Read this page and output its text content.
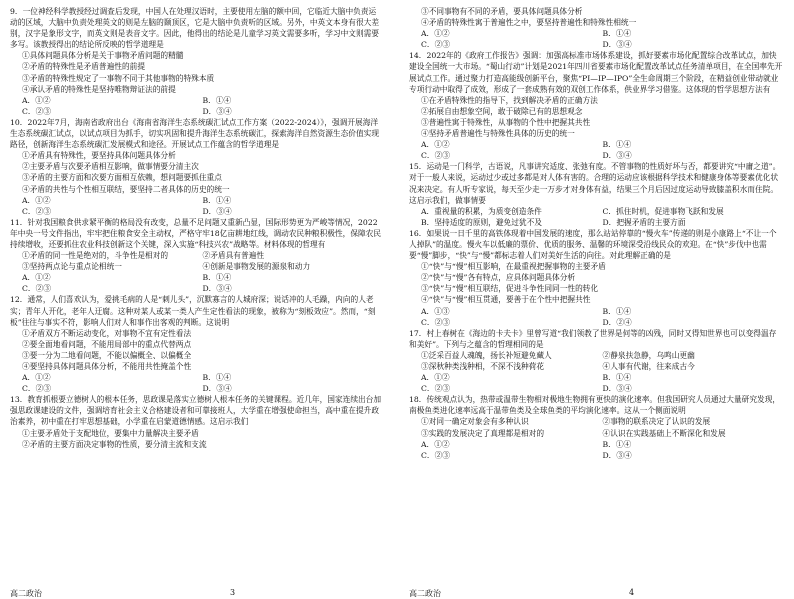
9．一位神经科学教授经过调查后发现，中国人在处理汉语时，主要使用左脑的额中回，它临近大脑中负责运动的区域，大脑中负责处理英文的则是左脑的颞顶区，它是大脑中负责听的区域。另外，中英文本身有很大差别，汉字是象形文字，而英文则是表音文字。因此，他得出的结论是儿童学习英文需要多听，学习中文则需要多写。该教授得出的结论所反映的哲学道理是

①具体问题具体分析是关于事物矛盾问题的精髓

②矛盾的特殊性是矛盾普遍性的前提

③矛盾的特殊性规定了一事物不同于其他事物的特殊本质

④承认矛盾的特殊性是坚持唯物辩证法的前提

A．①②	B．①④
C．②③	D．③④

10．2022年7月，海南省政府出台《海南省海洋生态系统碳汇试点工作方案（2022-2024）》，强调开展海洋生态系统碳汇试点，以试点项目为抓手，切实巩固和提升海洋生态系统碳汇，探索海洋自然资源生态价值实现路径，创新海洋生态系统碳汇发展模式和途径。开展试点工作蕴含的哲学道理是

①矛盾具有特殊性，要坚持具体问题具体分析

②主要矛盾与次要矛盾相互影响，做事情要分清主次

③矛盾的主要方面和次要方面相互依赖，想问题要抓住重点

④矛盾的共性与个性相互联结，要坚持二者具体的历史的统一

A．①②	B．①④
C．②③	D．③④

11．针对我国粮食供求紧平衡的格局没有改变，总量不足问题又重新凸显，国际形势更为严峻等情况，2022年中央一号文件指出，牢牢把住粮食安全主动权，严格守牢18亿亩耕地红线，调动农民种粮积极性，保障农民持续增收，还要抓住农业科技创新这个关键，深入实施“科技兴农”战略等。材料体现的哲理有

①矛盾的同一性是绝对的，斗争性是相对的	②矛盾具有普遍性
③坚持两点论与重点论相统一	④创新是事物发展的源泉和动力
A．①②	B．①④
C．②③	D．③④

12．通常，人们喜欢认为，爱挑毛病的人是“刺儿头”，沉默寡言的人城府深；说话冲的人毛躁，内向的人老实；青年人开化，老年人迂腐。这种对某人或某一类人产生定性看法的现象，被称为“刻板效应”。然而，“刻板”往往与事实不符，影响人们对人和事作出客观的判断。这说明

①矛盾双方不断运动变化，对事物不宜有定性看法

②要全面地看问题，不能用局部中的重点代替两点

③要一分为二地看问题，不能以偏概全、以偏概全

④要坚持具体问题具体分析，不能用共性掩盖个性

A．①②	B．①④
C．②③	D．③④

13．教育抓根要立德树人的根本任务，思政课是落实立德树人根本任务的关键课程。近几年，国家连续出台加强思政课建设的文件，强调培育社会主义合格建设者和可靠接班人，大学重在增强使命担当，高中重在提升政治素养，初中重在打牢思想基础，小学重在启蒙道德情感。这启示我们

①主要矛盾处于支配地位，要集中力量解决主要矛盾

②矛盾的主要方面决定事物的性质，要分清主流和支流

高二政治	3

③不同事物有不同的矛盾，要具体问题具体分析

④矛盾的特殊性寓于普遍性之中，要坚持普遍性和特殊性相统一

A．①②	B．①④
C．②③	D．③④

14．2022年的《政府工作报告》强调：加强高标准市场体系建设，抓好要素市场化配置综合改革试点，加快建设全国统一大市场。“蜀山行动”计划是2021年四川省要素市场化配置改革试点任务清单项目，在全国率先开展试点工作。通过聚力打造高能级创新平台，聚焦“PI—IP—IPO”全生命周期三个阶段，在精益创业带动就业专项行动中取得了成效，形成了一套成熟有效的双创工作体系，供业界学习借鉴。这体现的哲学思想方法有

①在矛盾特殊性的指导下，找到解决矛盾的正确方法

②拓展自由想象空间，敢于破除已有的思想观念

③普遍性寓于特殊性，从事物的个性中把握其共性

④坚持矛盾普遍性与特殊性具体的历史的统一

A．①②	B．①④
C．②③	D．③④

15．运动是一门科学，古语说，凡事讲究适度、张弛有度。不管事物的性质好坏与否，都要讲究“中庸之道”。对于一般人来说，运动过少或过多都是对人体有害的。合理的运动应该根据科学技术和健康身体等要素优化状况来决定。有人听专家说，每天至少走一万步才对身体有益，结果三个月后因过度运动导致膝盖积水而住院。这启示我们，做事情要

A．重视量的积累，为质变创造条件	C．抓住时机，促进事物飞跃和发展
B．坚持适度的原则，避免过犹不及	D．把握矛盾的主要方面

16．如果说一日千里的高铁体现着中国发展的速度，那么站站停靠的“慢火车”传递的则是小康路上“不让一个人掉队”的温度。慢火车以低廉的票价、优质的服务、温馨的环境深受沿线民众的欢迎。在“快”步伐中也需要“慢”脚步，“快”与“慢”都标志着人们对美好生活的向往。对此理解正确的是

①“快”与“慢”相互影响，在最重视把握事物的主要矛盾

②“快”与“慢”各有特点，应具体问题具体分析

③“快”与“慢”相互联结，促进斗争性同同一性的转化

④“快”与“慢”相互贯通，要善于在个性中把握共性

A．①③	B．①④
C．②③	D．②④

17．村上春树在《海边的卡夫卡》里曾写道“我们领教了世界是何等的凶残，同时又得知世界也可以变得温存和美好”。下列与之蕴含的哲理相同的是

①泛采百益人魂魄，扬长补短避免藏人	②静泉扶急静，乌鸣山更幽
③深秋种类浅种相，不深不浅种荷花	④人事有代谢，往来成古今
A．①②	B．①④
C．②③	D．③④

18．传统观点认为，热带或温带生物相对极地生物拥有更快的演化速率。但我国研究人员通过大量研究发现，南极鱼类进化速率远高于温带鱼类及全球鱼类的平均演化速率。这从一个侧面说明

①对同一确定对象会有多种认识	②事物的联系决定了认识的发展
③实践的发展决定了真理都是相对的	④认识在实践基础上不断深化和发展
A．①②	B．①④
C．②③	D．③④
高二政治	4
